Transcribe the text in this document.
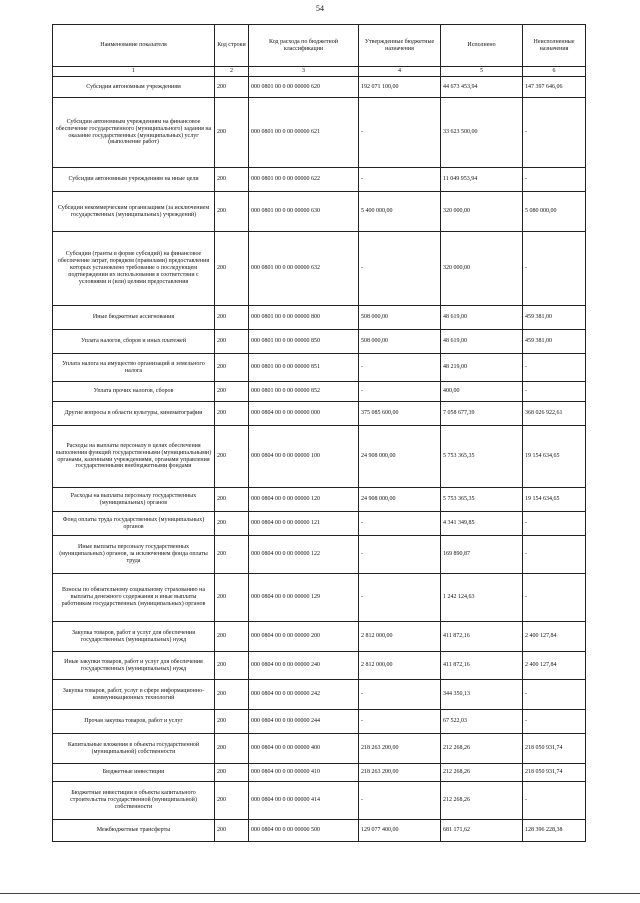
54
Наименование показателя	Код строки	Код расхода по бюджетной классификации	Утвержденные бюджетные назначения	Исполнено	Неисполненные назначения
1	2	3	4	5	6
Субсидии автономным учреждениям	200	000 0801 00 0 00 00000 620	192 071 100,00	44 673 453,94	147 397 646,06
Субсидии автономным учреждениям на финансовое обеспечение государственного (муниципального) задания на оказание государственных (муниципальных) услуг (выполнение работ)	200	000 0801 00 0 00 00000 621	-	33 623 500,00	-
Субсидии автономным учреждениям на иные цели	200	000 0801 00 0 00 00000 622	-	11 049 953,94	-
Субсидии некоммерческим организациям (за исключением государственных (муниципальных) учреждений)	200	000 0801 00 0 00 00000 630	5 400 000,00	320 000,00	5 080 000,00
Субсидии (гранты в форме субсидий) на финансовое обеспечение затрат, порядком (правилами) предоставления которых установлено требование о последующем подтверждении их использования в соответствии с условиями и (или) целями предоставления	200	000 0801 00 0 00 00000 632	-	320 000,00	-
Иные бюджетные ассигнования	200	000 0801 00 0 00 00000 800	508 000,00	48 619,00	459 381,00
Уплата налогов, сборов и иных платежей	200	000 0801 00 0 00 00000 850	508 000,00	48 619,00	459 381,00
Уплата налога на имущество организаций и земельного налога	200	000 0801 00 0 00 00000 851	-	48 219,00	-
Уплата прочих налогов, сборов	200	000 0801 00 0 00 00000 852	-	400,00	-
Другие вопросы в области культуры, кинематографии	200	000 0804 00 0 00 00000 000	375 085 600,00	7 058 677,39	368 026 922,61
Расходы на выплаты персоналу в целях обеспечения выполнения функций государственными (муниципальными) органами, казенными учреждениями, органами управления государственными внебюджетными фондами	200	000 0804 00 0 00 00000 100	24 908 000,00	5 753 365,35	19 154 634,65
Расходы на выплаты персоналу государственных (муниципальных) органов	200	000 0804 00 0 00 00000 120	24 908 000,00	5 753 365,35	19 154 634,65
Фонд оплаты труда государственных (муниципальных) органов	200	000 0804 00 0 00 00000 121	-	4 341 349,85	-
Иные выплаты персоналу государственных (муниципальных) органов, за исключением фонда оплаты труда	200	000 0804 00 0 00 00000 122	-	169 890,87	-
Взносы по обязательному социальному страхованию на выплаты денежного содержания и иные выплаты работникам государственных (муниципальных) органов	200	000 0804 00 0 00 00000 129	-	1 242 124,63	-
Закупка товаров, работ и услуг для обеспечения государственных (муниципальных) нужд	200	000 0804 00 0 00 00000 200	2 812 000,00	411 872,16	2 400 127,84
Иные закупки товаров, работ и услуг для обеспечения государственных (муниципальных) нужд	200	000 0804 00 0 00 00000 240	2 812 000,00	411 872,16	2 400 127,84
Закупка товаров, работ, услуг в сфере информационно-коммуникационных технологий	200	000 0804 00 0 00 00000 242	-	344 350,13	-
Прочая закупка товаров, работ и услуг	200	000 0804 00 0 00 00000 244	-	67 522,03	-
Капитальные вложения в объекты государственной (муниципальной) собственности	200	000 0804 00 0 00 00000 400	218 263 200,00	212 268,26	218 050 931,74
Бюджетные инвестиции	200	000 0804 00 0 00 00000 410	218 263 200,00	212 268,26	218 050 931,74
Бюджетные инвестиции в объекты капитального строительства государственной (муниципальной) собственности	200	000 0804 00 0 00 00000 414	-	212 268,26	-
Межбюджетные трансферты	200	000 0804 00 0 00 00000 500	129 077 400,00	681 171,62	128 396 228,38
